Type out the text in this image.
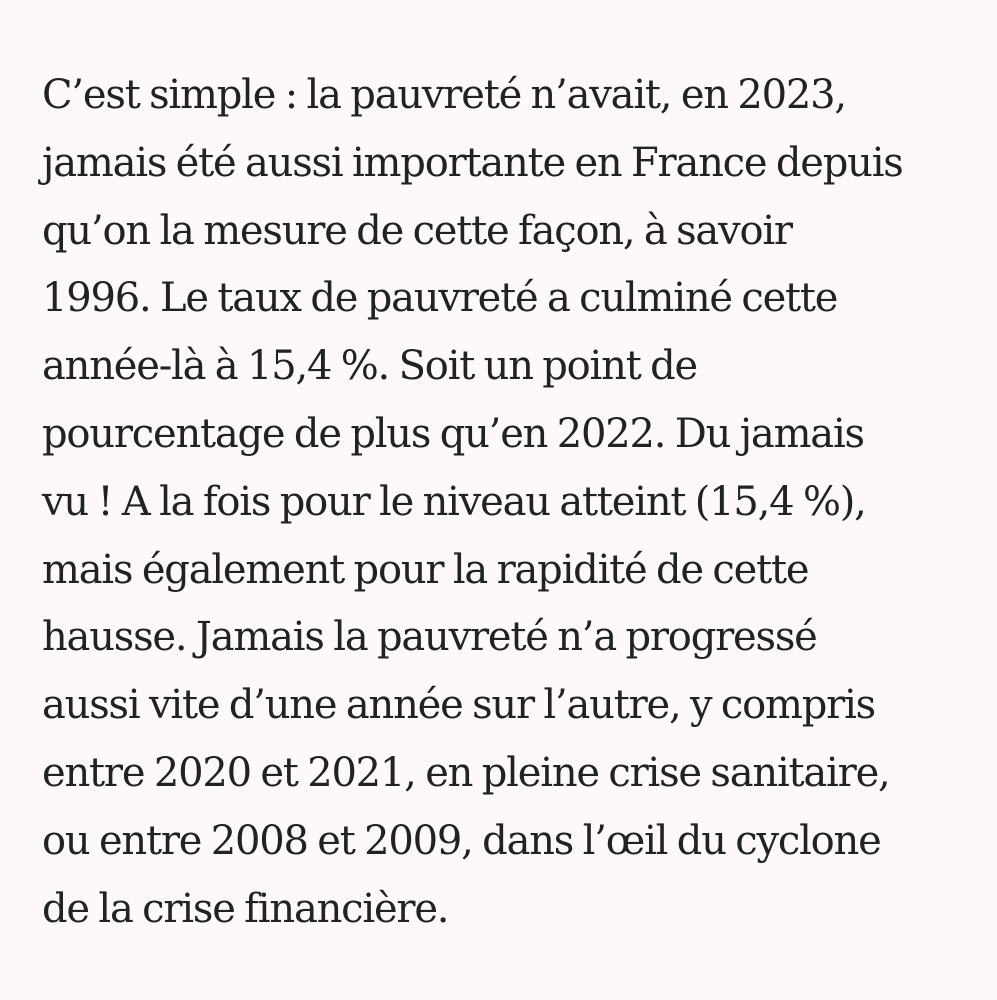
C’est simple : la pauvreté n’avait, en 2023,
jamais été aussi importante en France depuis
qu’on la mesure de cette façon, à savoir
1996. Le taux de pauvreté a culminé cette
année-là à 15,4 %. Soit un point de
pourcentage de plus qu’en 2022. Du jamais
vu ! A la fois pour le niveau atteint (15,4 %),
mais également pour la rapidité de cette
hausse. Jamais la pauvreté n’a progressé
aussi vite d’une année sur l’autre, y compris
entre 2020 et 2021, en pleine crise sanitaire,
ou entre 2008 et 2009, dans l’œil du cyclone
de la crise financière.
